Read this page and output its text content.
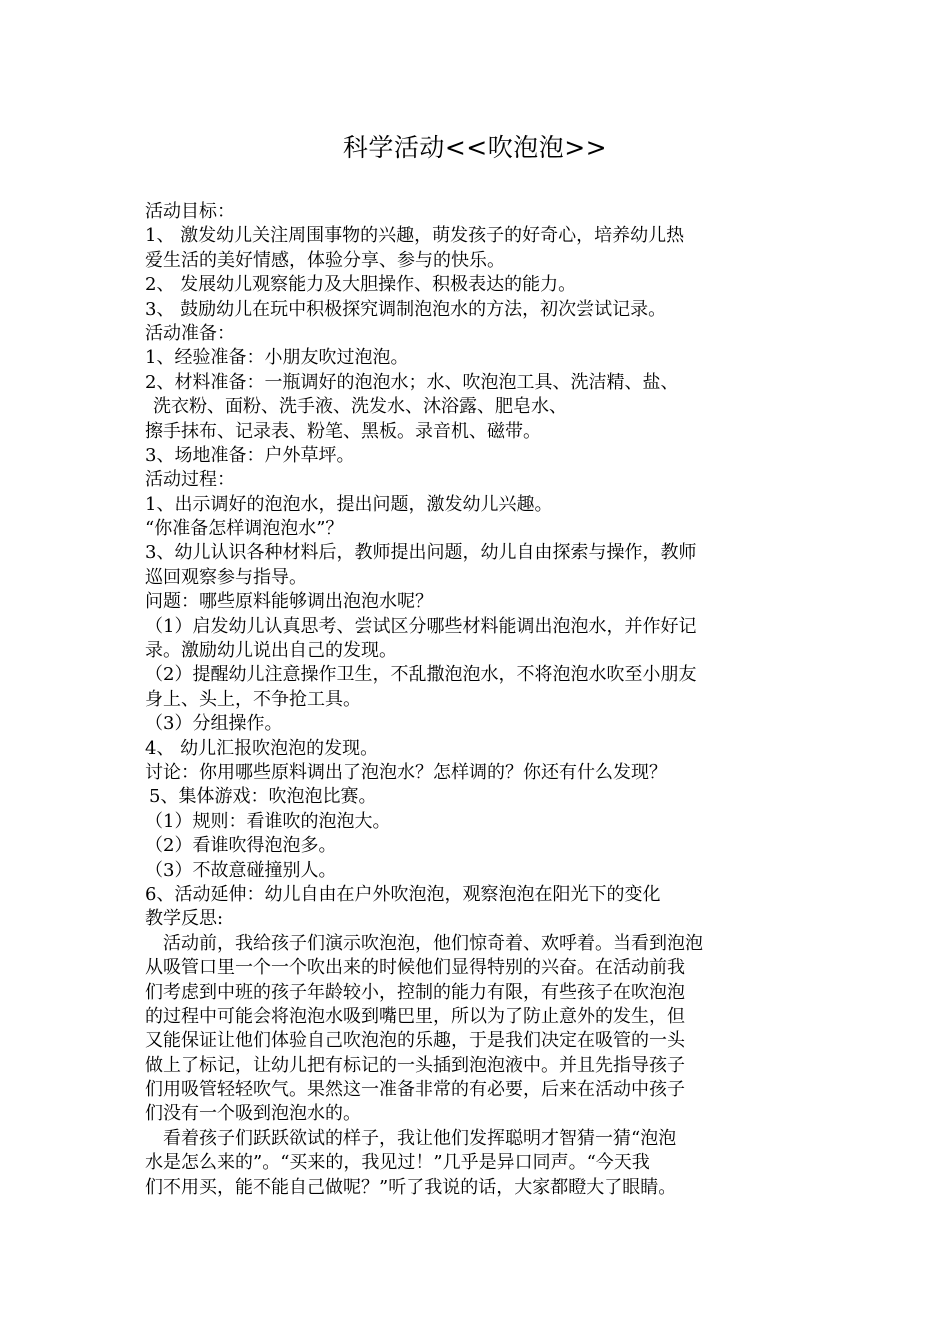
科学活动<<吹泡泡>>
活动目标：
1、 激发幼儿关注周围事物的兴趣，萌发孩子的好奇心，培养幼儿热
爱生活的美好情感，体验分享、参与的快乐。
2、 发展幼儿观察能力及大胆操作、积极表达的能力。
3、 鼓励幼儿在玩中积极探究调制泡泡水的方法，初次尝试记录。
活动准备：
1、经验准备：小朋友吹过泡泡。
2、材料准备：一瓶调好的泡泡水；水、吹泡泡工具、洗洁精、盐、
洗衣粉、面粉、洗手液、洗发水、沐浴露、肥皂水、
擦手抹布、记录表、粉笔、黑板。录音机、磁带。
3、场地准备：户外草坪。
活动过程：
1、出示调好的泡泡水，提出问题，激发幼儿兴趣。
“你准备怎样调泡泡水”？
3、幼儿认识各种材料后，教师提出问题，幼儿自由探索与操作，教师
巡回观察参与指导。
问题：哪些原料能够调出泡泡水呢？
（1）启发幼儿认真思考、尝试区分哪些材料能调出泡泡水，并作好记
录。激励幼儿说出自己的发现。
（2）提醒幼儿注意操作卫生，不乱撒泡泡水，不将泡泡水吹至小朋友
身上、头上，不争抢工具。
（3）分组操作。
4、 幼儿汇报吹泡泡的发现。
讨论：你用哪些原料调出了泡泡水？怎样调的？你还有什么发现？
5、集体游戏：吹泡泡比赛。
（1）规则：看谁吹的泡泡大。
（2）看谁吹得泡泡多。
（3）不故意碰撞别人。
6、活动延伸：幼儿自由在户外吹泡泡，观察泡泡在阳光下的变化
教学反思:
　活动前，我给孩子们演示吹泡泡，他们惊奇着、欢呼着。当看到泡泡
从吸管口里一个一个吹出来的时候他们显得特别的兴奋。在活动前我
们考虑到中班的孩子年龄较小，控制的能力有限，有些孩子在吹泡泡
的过程中可能会将泡泡水吸到嘴巴里，所以为了防止意外的发生，但
又能保证让他们体验自己吹泡泡的乐趣，于是我们决定在吸管的一头
做上了标记，让幼儿把有标记的一头插到泡泡液中。并且先指导孩子
们用吸管轻轻吹气。果然这一准备非常的有必要，后来在活动中孩子
们没有一个吸到泡泡水的。
　看着孩子们跃跃欲试的样子，我让他们发挥聪明才智猜一猜“泡泡
水是怎么来的”。“买来的，我见过！”几乎是异口同声。“今天我
们不用买，能不能自己做呢？”听了我说的话，大家都瞪大了眼睛。
